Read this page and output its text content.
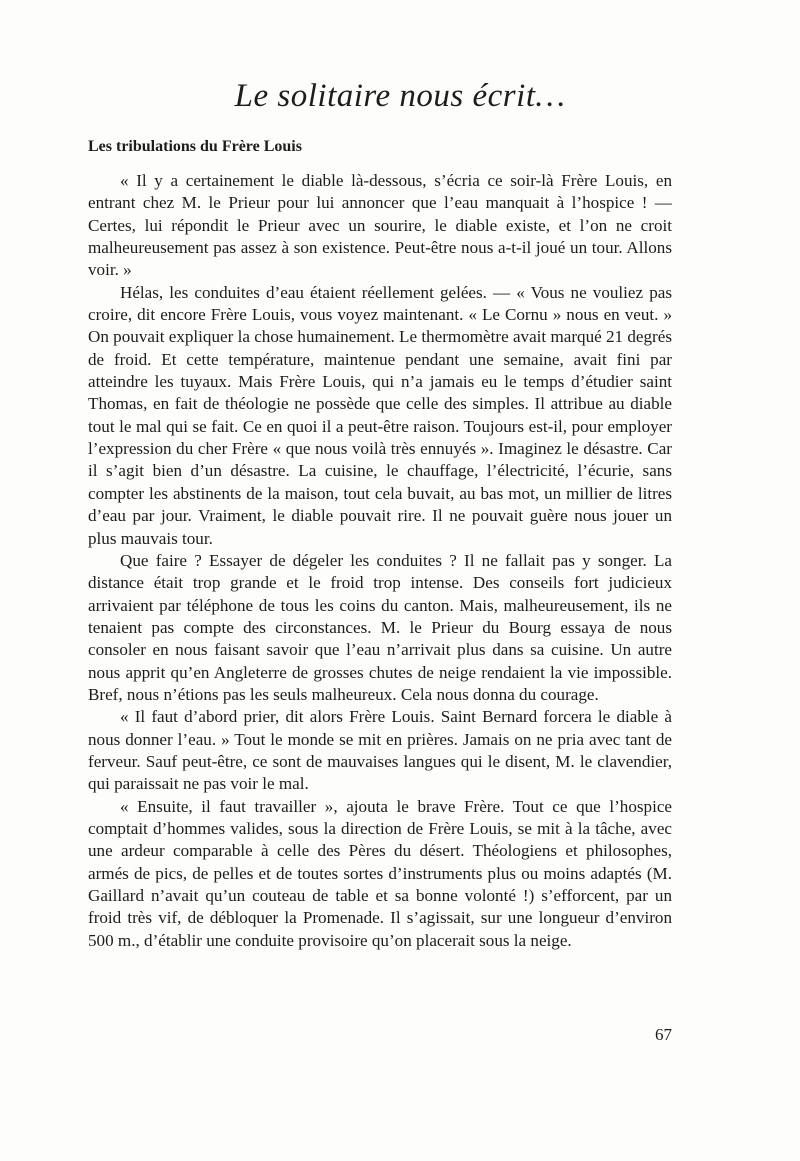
Le solitaire nous écrit…
Les tribulations du Frère Louis

« Il y a certainement le diable là-dessous, s’écria ce soir-là Frère Louis, en entrant chez M. le Prieur pour lui annoncer que l’eau manquait à l’hospice ! — Certes, lui répondit le Prieur avec un sourire, le diable existe, et l’on ne croit malheureusement pas assez à son existence. Peut-être nous a-t-il joué un tour. Allons voir. »

Hélas, les conduites d’eau étaient réellement gelées. — « Vous ne vouliez pas croire, dit encore Frère Louis, vous voyez maintenant. « Le Cornu » nous en veut. » On pouvait expliquer la chose humainement. Le thermomètre avait marqué 21 degrés de froid. Et cette température, maintenue pendant une semaine, avait fini par atteindre les tuyaux. Mais Frère Louis, qui n’a jamais eu le temps d’étudier saint Thomas, en fait de théologie ne possède que celle des simples. Il attribue au diable tout le mal qui se fait. Ce en quoi il a peut-être raison. Toujours est-il, pour employer l’expression du cher Frère « que nous voilà très ennuyés ». Imaginez le désastre. Car il s’agit bien d’un désastre. La cuisine, le chauffage, l’électricité, l’écurie, sans compter les abstinents de la maison, tout cela buvait, au bas mot, un millier de litres d’eau par jour. Vraiment, le diable pouvait rire. Il ne pouvait guère nous jouer un plus mauvais tour.

Que faire ? Essayer de dégeler les conduites ? Il ne fallait pas y songer. La distance était trop grande et le froid trop intense. Des conseils fort judicieux arrivaient par téléphone de tous les coins du canton. Mais, malheureusement, ils ne tenaient pas compte des circonstances. M. le Prieur du Bourg essaya de nous consoler en nous faisant savoir que l’eau n’arrivait plus dans sa cuisine. Un autre nous apprit qu’en Angleterre de grosses chutes de neige rendaient la vie impossible. Bref, nous n’étions pas les seuls malheureux. Cela nous donna du courage.

« Il faut d’abord prier, dit alors Frère Louis. Saint Bernard forcera le diable à nous donner l’eau. » Tout le monde se mit en prières. Jamais on ne pria avec tant de ferveur. Sauf peut-être, ce sont de mauvaises langues qui le disent, M. le clavendier, qui paraissait ne pas voir le mal.

« Ensuite, il faut travailler », ajouta le brave Frère. Tout ce que l’hospice comptait d’hommes valides, sous la direction de Frère Louis, se mit à la tâche, avec une ardeur comparable à celle des Pères du désert. Théologiens et philosophes, armés de pics, de pelles et de toutes sortes d’instruments plus ou moins adaptés (M. Gaillard n’avait qu’un couteau de table et sa bonne volonté !) s’efforcent, par un froid très vif, de débloquer la Promenade. Il s’agissait, sur une longueur d’environ 500 m., d’établir une conduite provisoire qu’on placerait sous la neige.

67
